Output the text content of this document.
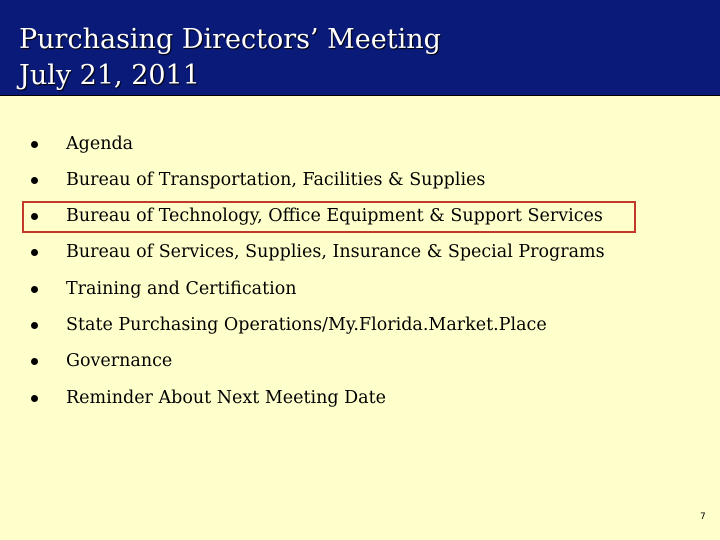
Purchasing Directors’ Meeting
July 21, 2011
Agenda
Bureau of Transportation, Facilities & Supplies
Bureau of Technology, Office Equipment & Support Services
Bureau of Services, Supplies, Insurance & Special Programs
Training and Certification
State Purchasing Operations/My.Florida.Market.Place
Governance
Reminder About Next Meeting Date
7
